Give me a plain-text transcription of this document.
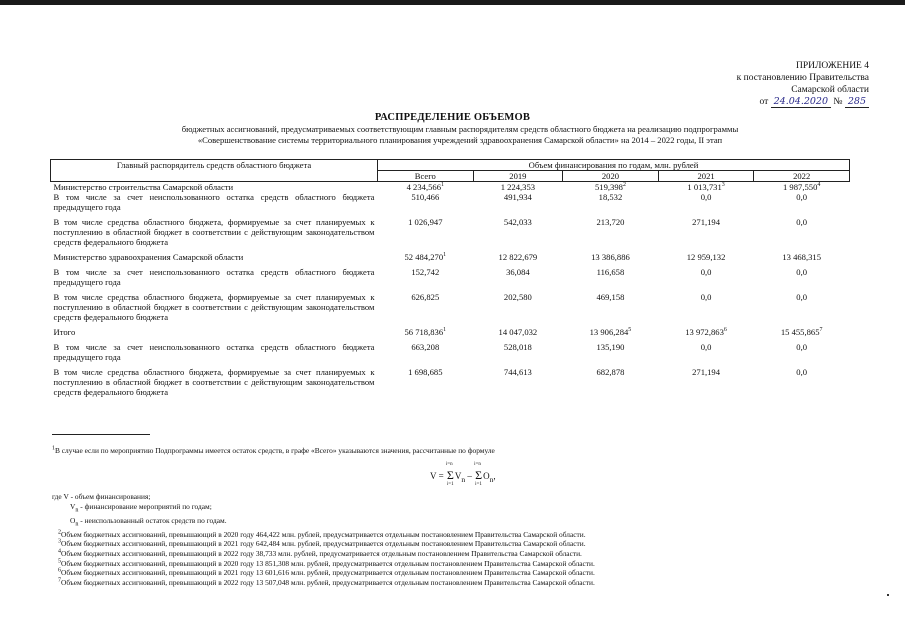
ПРИЛОЖЕНИЕ 4
к постановлению Правительства
Самарской области
от 24.04.2020 № 285
РАСПРЕДЕЛЕНИЕ ОБЪЕМОВ
бюджетных ассигнований, предусматриваемых соответствующим главным распорядителям средств областного бюджета на реализацию подпрограммы
«Совершенствование системы территориального планирования учреждений здравоохранения Самарской области» на 2014 – 2022 годы, II этап
Главный распорядитель средств областного бюджета	Объем финансирования по годам, млн. рублей				
	Всего	2019	2020	2021	2022
Министерство строительства Самарской области	4 234,566$^1$	1 224,353	519,398$^2$	1 013,731$^3$	1 987,550$^4$
В том числе за счет неиспользованного остатка средств областного бюджета предыдущего года	510,466	491,934	18,532	0,0	0,0
В том числе средства областного бюджета, формируемые за счет планируемых к поступлению в областной бюджет в соответствии с действующим законодательством средств федерального бюджета	1 026,947	542,033	213,720	271,194	0,0
Министерство здравоохранения Самарской области	52 484,270$^1$	12 822,679	13 386,886	12 959,132	13 468,315
В том числе за счет неиспользованного остатка средств областного бюджета предыдущего года	152,742	36,084	116,658	0,0	0,0
В том числе средства областного бюджета, формируемые за счет планируемых к поступлению в областной бюджет в соответствии с действующим законодательством средств федерального бюджета	626,825	202,580	469,158	0,0	0,0
Итого	56 718,836$^1$	14 047,032	13 906,284$^5$	13 972,863$^6$	15 455,865$^7$
В том числе за счет неиспользованного остатка средств областного бюджета предыдущего года	663,208	528,018	135,190	0,0	0,0
В том числе средства областного бюджета, формируемые за счет планируемых к поступлению в областной бюджет в соответствии с действующим законодательством средств федерального бюджета	1 698,685	744,613	682,878	271,194	0,0
$^1$В случае если по мероприятию Подпрограммы имеется остаток средств, в графе «Всего» указываются значения, рассчитанные по формуле
V = Σ
i=n
i=1
$V_n$ – Σ
i=n
i=1
$O_n$,
где V - объем финансирования;
$V_n$ - финансирование мероприятий по годам;
$O_n$ - неиспользованный остаток средств по годам.
$^2$Объем бюджетных ассигнований, превышающий в 2020 году 464,422 млн. рублей, предусматривается отдельным постановлением Правительства Самарской области.
$^3$Объем бюджетных ассигнований, превышающий в 2021 году 642,484 млн. рублей, предусматривается отдельным постановлением Правительства Самарской области.
$^4$Объем бюджетных ассигнований, превышающий в 2022 году 38,733 млн. рублей, предусматривается отдельным постановлением Правительства Самарской области.
$^5$Объем бюджетных ассигнований, превышающий в 2020 году 13 851,308 млн. рублей, предусматривается отдельным постановлением Правительства Самарской области.
$^6$Объем бюджетных ассигнований, превышающий в 2021 году 13 601,616 млн. рублей, предусматривается отдельным постановлением Правительства Самарской области.
$^7$Объем бюджетных ассигнований, превышающий в 2022 году 13 507,048 млн. рублей, предусматривается отдельным постановлением Правительства Самарской области.
